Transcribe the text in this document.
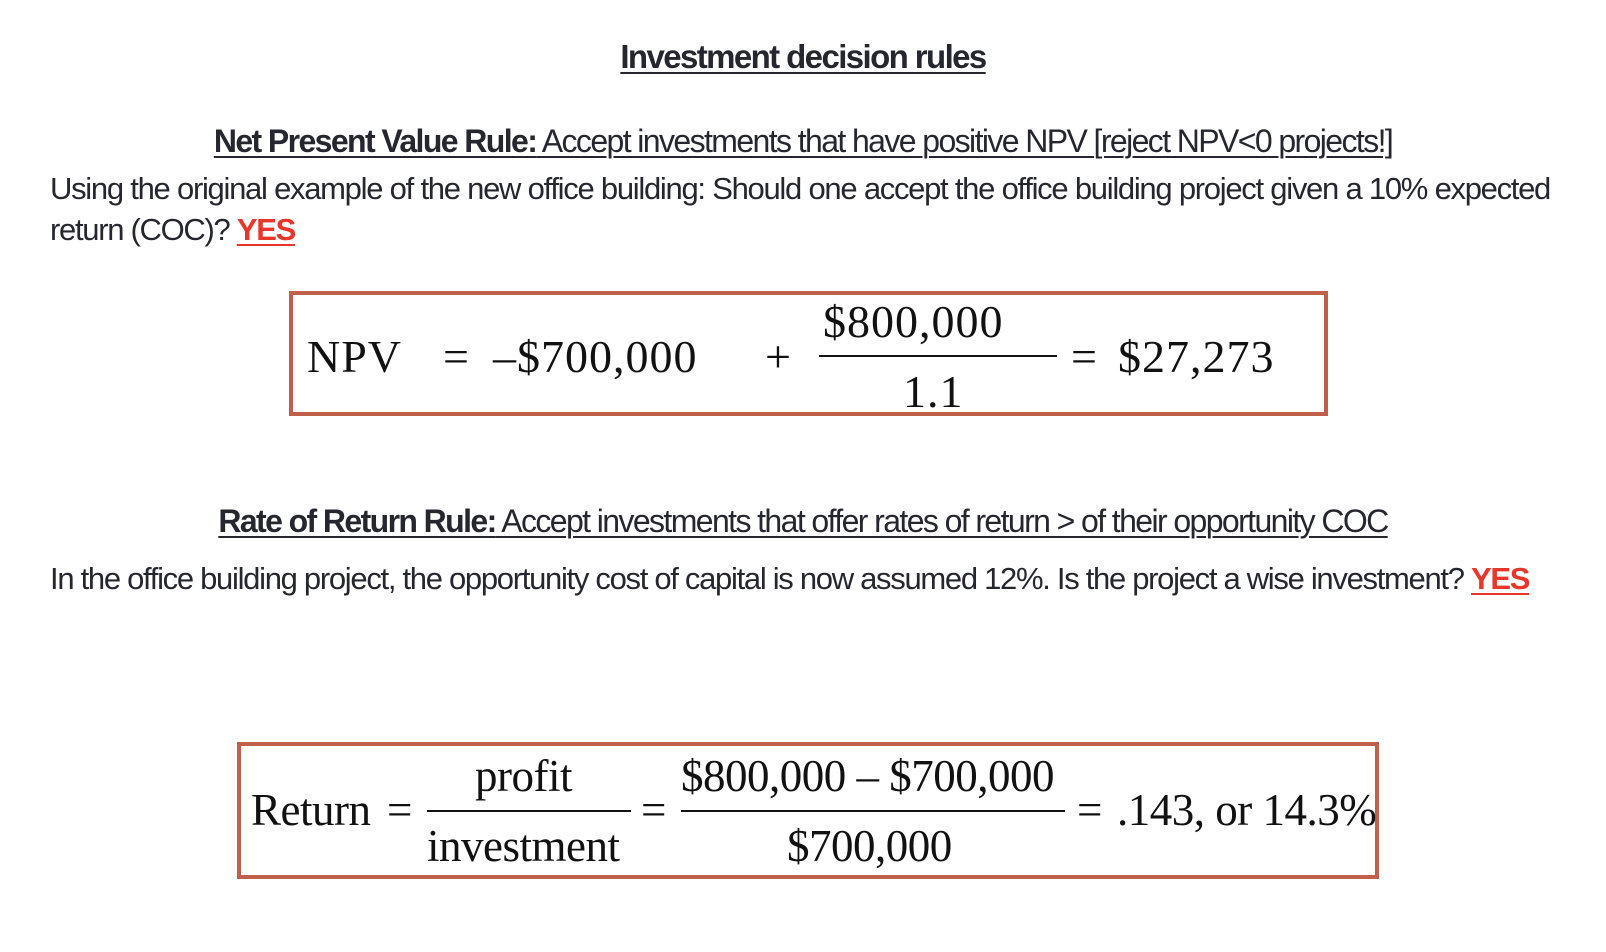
Investment decision rules
Net Present Value Rule: Accept investments that have positive NPV [reject NPV<0 projects!]
Using the original example of the new office building: Should one accept the office building project given a 10% expected return (COC)? YES
NPV = –$700,000 +
$800,000
1.1
= $27,273
Rate of Return Rule: Accept investments that offer rates of return > of their opportunity COC
In the office building project, the opportunity cost of capital is now assumed 12%. Is the project a wise investment? YES
Return =
profit
investment
=
$800,000 – $700,000
$700,000
= .143, or 14.3%
